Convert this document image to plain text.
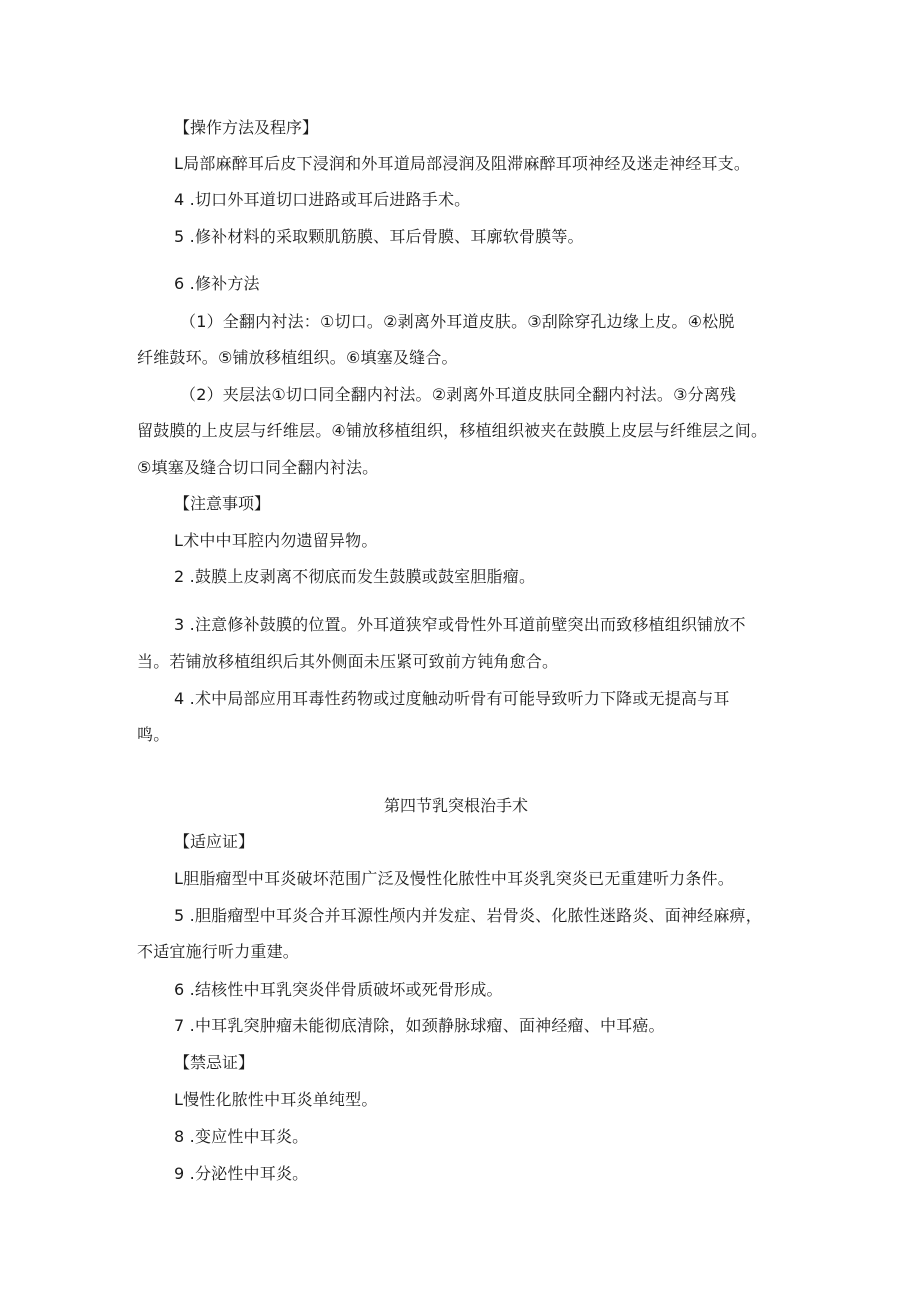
【操作方法及程序】
L局部麻醉耳后皮下浸润和外耳道局部浸润及阻滞麻醉耳项神经及迷走神经耳支。
4 .切口外耳道切口进路或耳后进路手术。
5 .修补材料的采取颗肌筋膜、耳后骨膜、耳廓软骨膜等。
6 .修补方法
（1）全翻内衬法：①切口。②剥离外耳道皮肤。③刮除穿孔边缘上皮。④松脱
纤维鼓环。⑤铺放移植组织。⑥填塞及缝合。
（2）夹层法①切口同全翻内衬法。②剥离外耳道皮肤同全翻内衬法。③分离残
留鼓膜的上皮层与纤维层。④铺放移植组织，移植组织被夹在鼓膜上皮层与纤维层之间。
⑤填塞及缝合切口同全翻内衬法。
【注意事项】
L术中中耳腔内勿遗留异物。
2 .鼓膜上皮剥离不彻底而发生鼓膜或鼓室胆脂瘤。
3 .注意修补鼓膜的位置。外耳道狭窄或骨性外耳道前壁突出而致移植组织铺放不
当。若铺放移植组织后其外侧面未压紧可致前方钝角愈合。
4 .术中局部应用耳毒性药物或过度触动听骨有可能导致听力下降或无提高与耳
鸣。
第四节乳突根治手术
【适应证】
L胆脂瘤型中耳炎破坏范围广泛及慢性化脓性中耳炎乳突炎已无重建听力条件。
5 .胆脂瘤型中耳炎合并耳源性颅内并发症、岩骨炎、化脓性迷路炎、面神经麻痹，
不适宜施行听力重建。
6 .结核性中耳乳突炎伴骨质破坏或死骨形成。
7 .中耳乳突肿瘤未能彻底清除，如颈静脉球瘤、面神经瘤、中耳癌。
【禁忌证】
L慢性化脓性中耳炎单纯型。
8 .变应性中耳炎。
9 .分泌性中耳炎。
